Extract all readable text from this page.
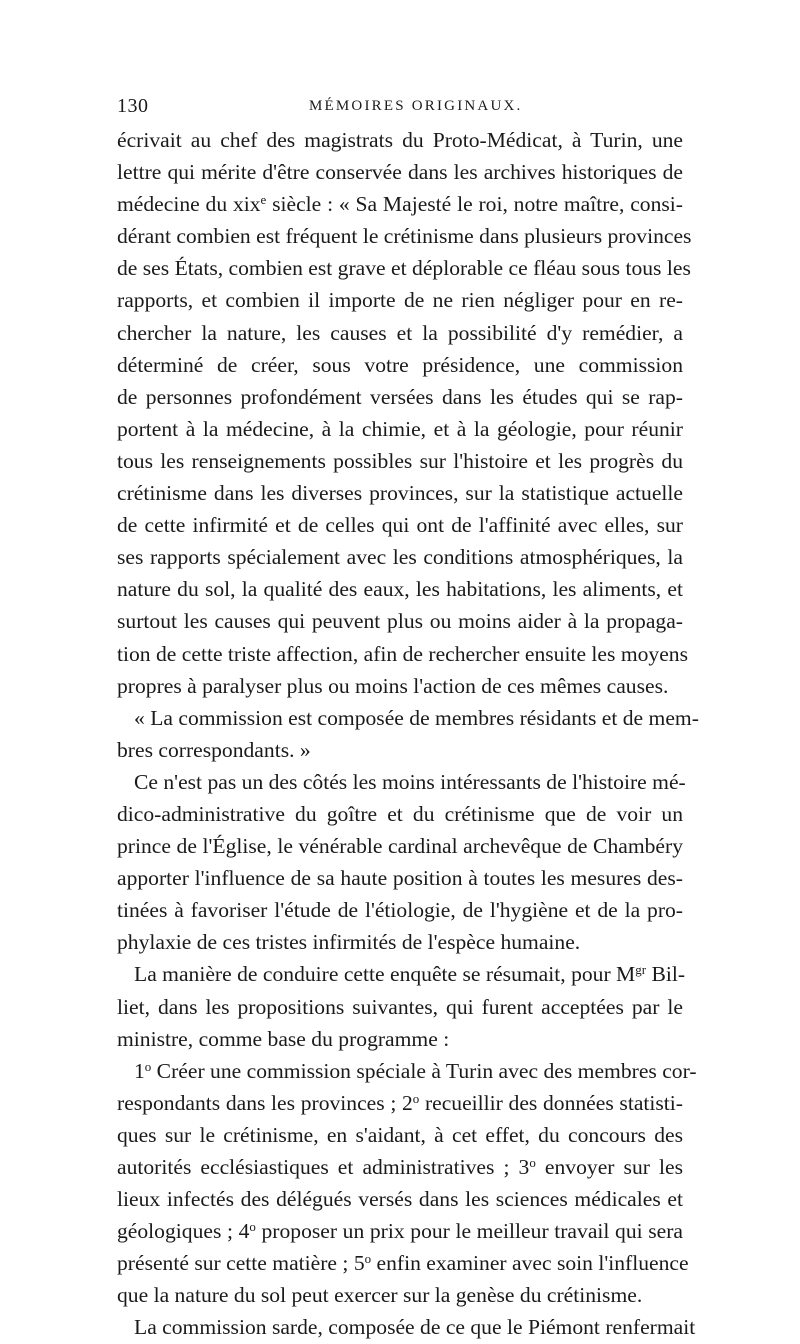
130	MÉMOIRES ORIGINAUX.
écrivait au chef des magistrats du Proto-Médicat, à Turin, une
lettre qui mérite d'être conservée dans les archives historiques de
médecine du xix$^e$ siècle : « Sa Majesté le roi, notre maître, consi-
dérant combien est fréquent le crétinisme dans plusieurs provinces
de ses États, combien est grave et déplorable ce fléau sous tous les
rapports, et combien il importe de ne rien négliger pour en re-
chercher la nature, les causes et la possibilité d'y remédier, a
déterminé de créer, sous votre présidence, une commission
de personnes profondément versées dans les études qui se rap-
portent à la médecine, à la chimie, et à la géologie, pour réunir
tous les renseignements possibles sur l'histoire et les progrès du
crétinisme dans les diverses provinces, sur la statistique actuelle
de cette infirmité et de celles qui ont de l'affinité avec elles, sur
ses rapports spécialement avec les conditions atmosphériques, la
nature du sol, la qualité des eaux, les habitations, les aliments, et
surtout les causes qui peuvent plus ou moins aider à la propaga-
tion de cette triste affection, afin de rechercher ensuite les moyens
propres à paralyser plus ou moins l'action de ces mêmes causes.
« La commission est composée de membres résidants et de mem-
bres correspondants. »
Ce n'est pas un des côtés les moins intéressants de l'histoire mé-
dico-administrative du goître et du crétinisme que de voir un
prince de l'Église, le vénérable cardinal archevêque de Chambéry
apporter l'influence de sa haute position à toutes les mesures des-
tinées à favoriser l'étude de l'étiologie, de l'hygiène et de la pro-
phylaxie de ces tristes infirmités de l'espèce humaine.
La manière de conduire cette enquête se résumait, pour $M^{gr}$ Bil-
liet, dans les propositions suivantes, qui furent acceptées par le
ministre, comme base du programme :
1$^o$ Créer une commission spéciale à Turin avec des membres cor-
respondants dans les provinces ; 2$^o$ recueillir des données statisti-
ques sur le crétinisme, en s'aidant, à cet effet, du concours des
autorités ecclésiastiques et administratives ; 3$^o$ envoyer sur les
lieux infectés des délégués versés dans les sciences médicales et
géologiques ; 4$^o$ proposer un prix pour le meilleur travail qui sera
présenté sur cette matière ; 5$^o$ enfin examiner avec soin l'influence
que la nature du sol peut exercer sur la genèse du crétinisme.
La commission sarde, composée de ce que le Piémont renfermait
